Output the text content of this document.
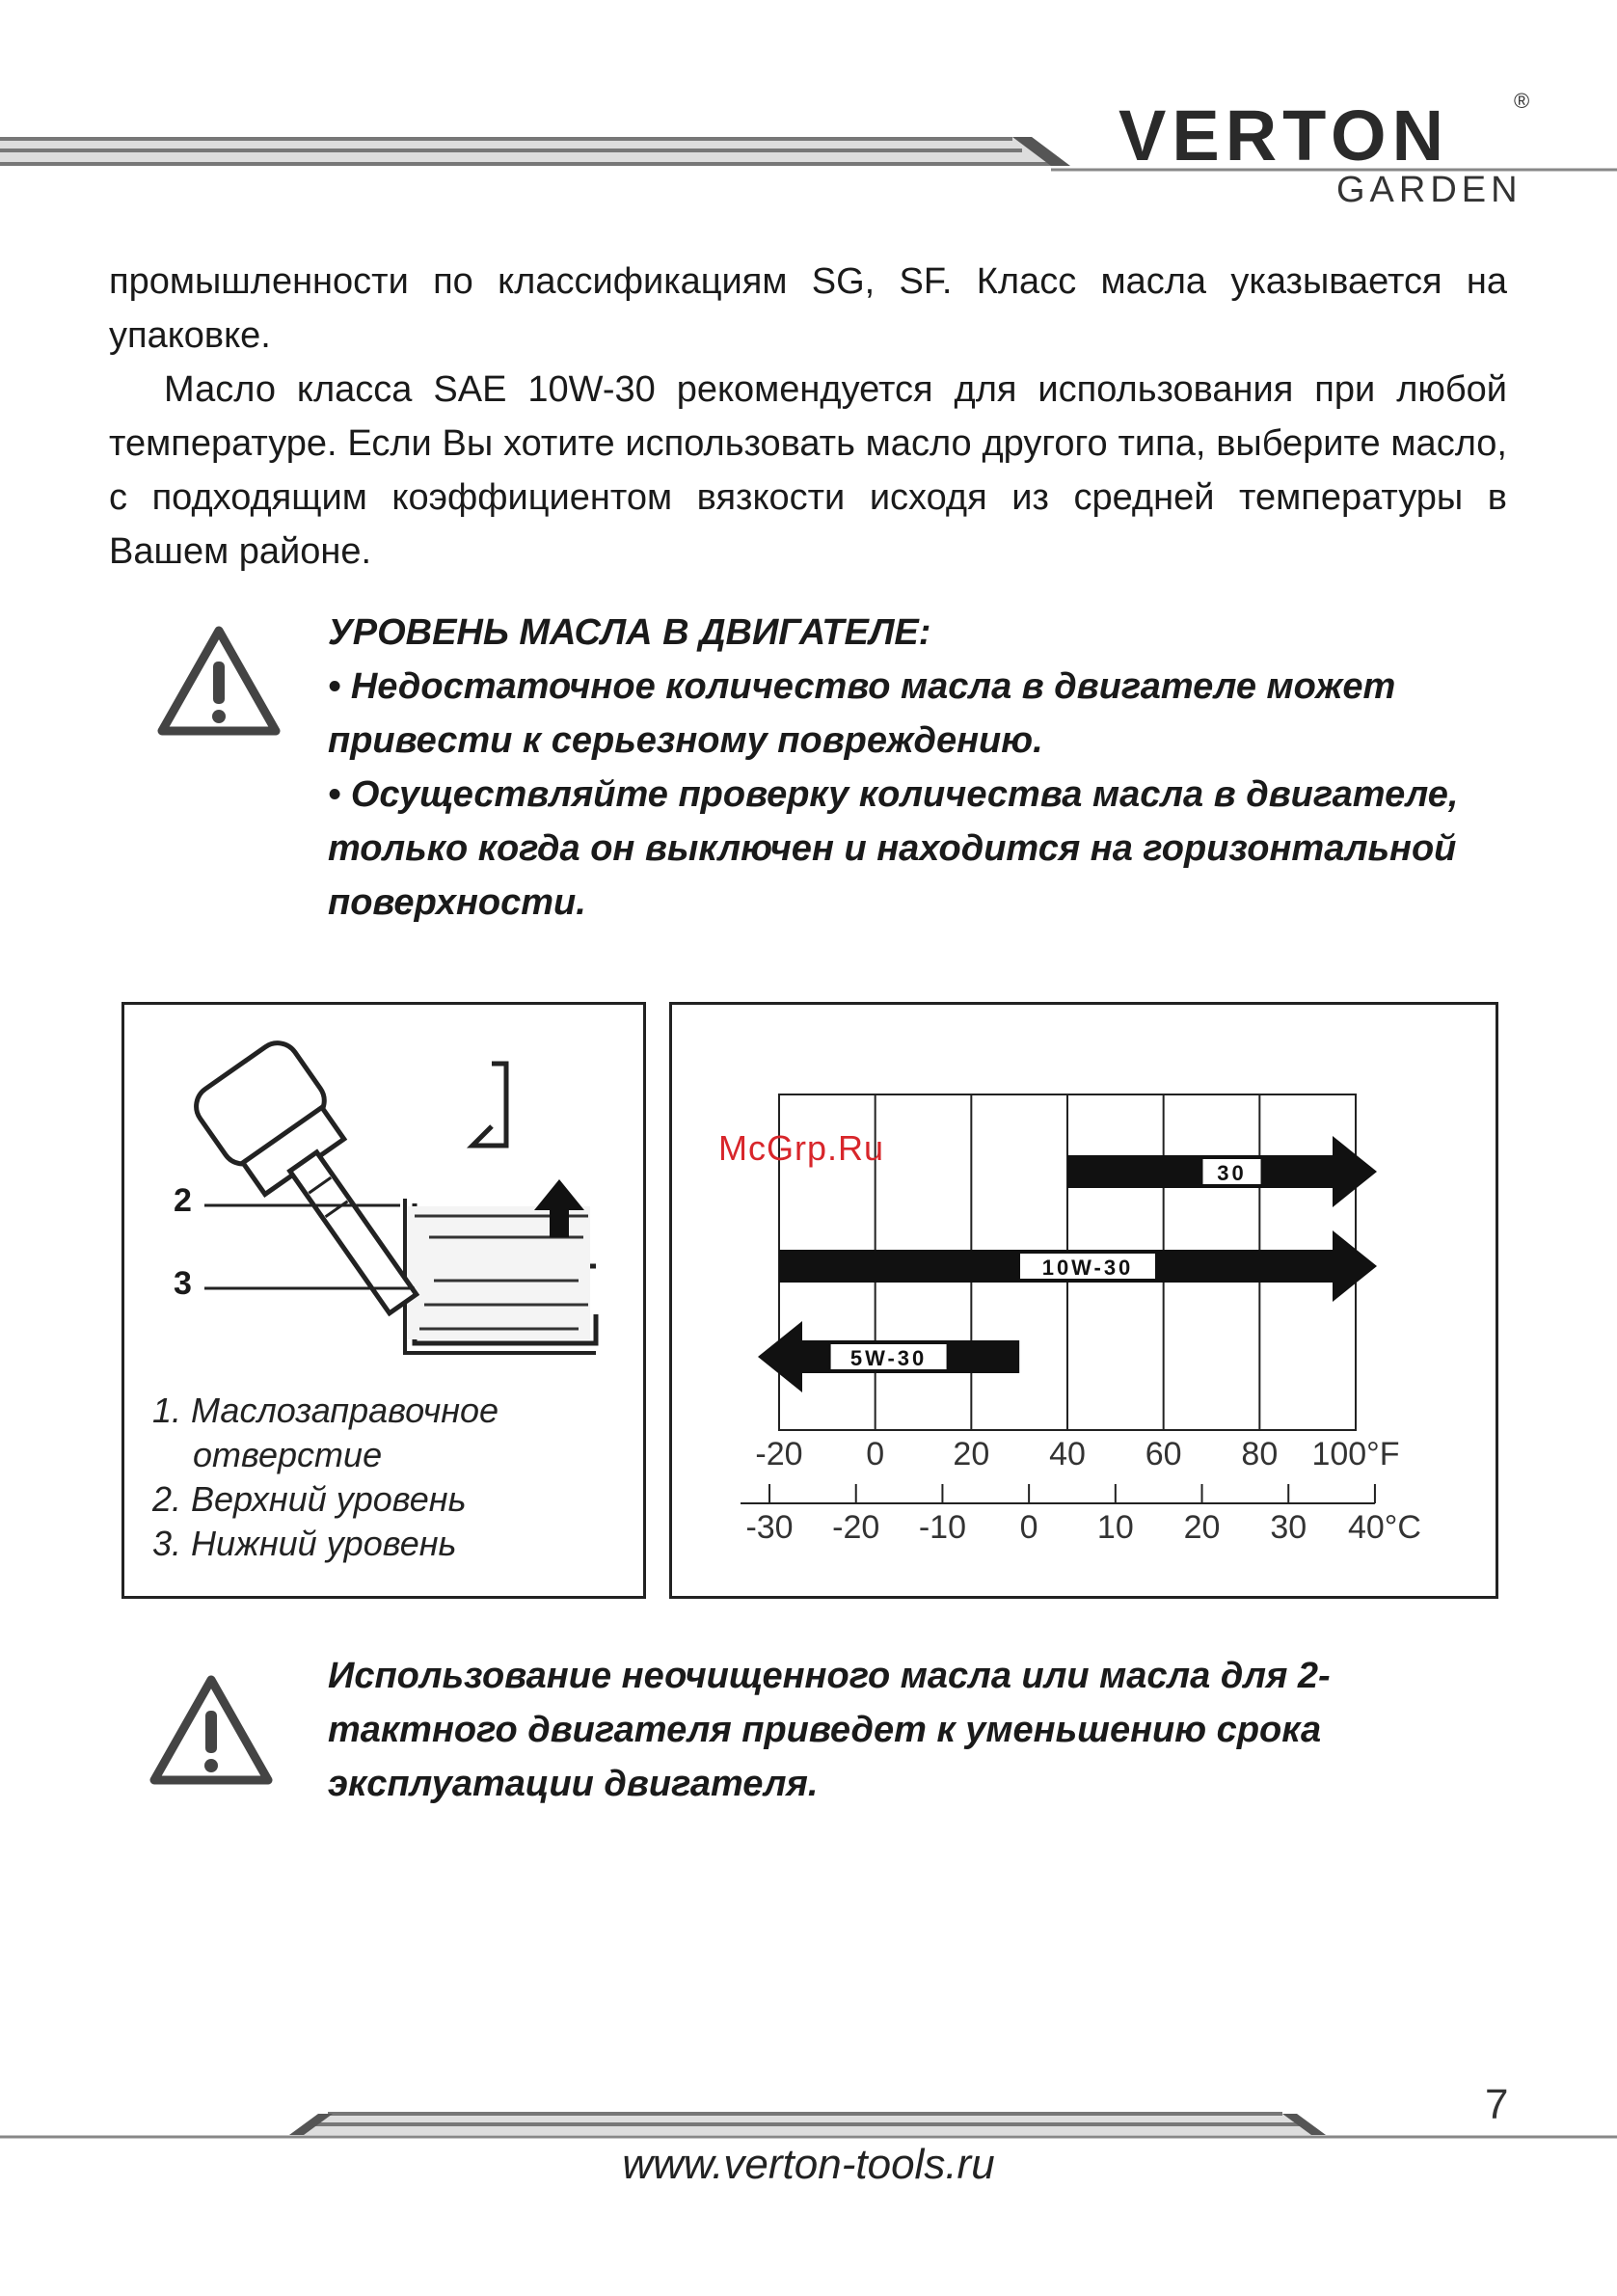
VERTON	®
GARDEN

промышленности по классификациям SG, SF. Класс масла указывается на упаковке.

Масло класса SAE 10W-30 рекомендуется для использования при любой температуре. Если Вы хотите использовать масло другого типа, выберите масло, с подходящим коэффициентом вязкости исходя из средней температуры в Вашем районе.

УРОВЕНЬ МАСЛА В ДВИГАТЕЛЕ:

• Недостаточное количество масла в двигателе может привести к серьезному повреждению.

• Осуществляйте проверку количества масла в двигателе, только когда он выключен и находится на горизонтальной поверхности.

2
3
1. Маслозаправочное
отверстие
2. Верхний уровень
3. Нижний уровень
-20 0 20 40 60 80 100°F
-30 -20 -10 0 10 20 30 40°C
30
10W-30
5W-30
McGrp.Ru

Использование неочищенного масла или масла для 2-тактного двигателя приведет к уменьшению срока эксплуатации двигателя.

7
www.verton-tools.ru
